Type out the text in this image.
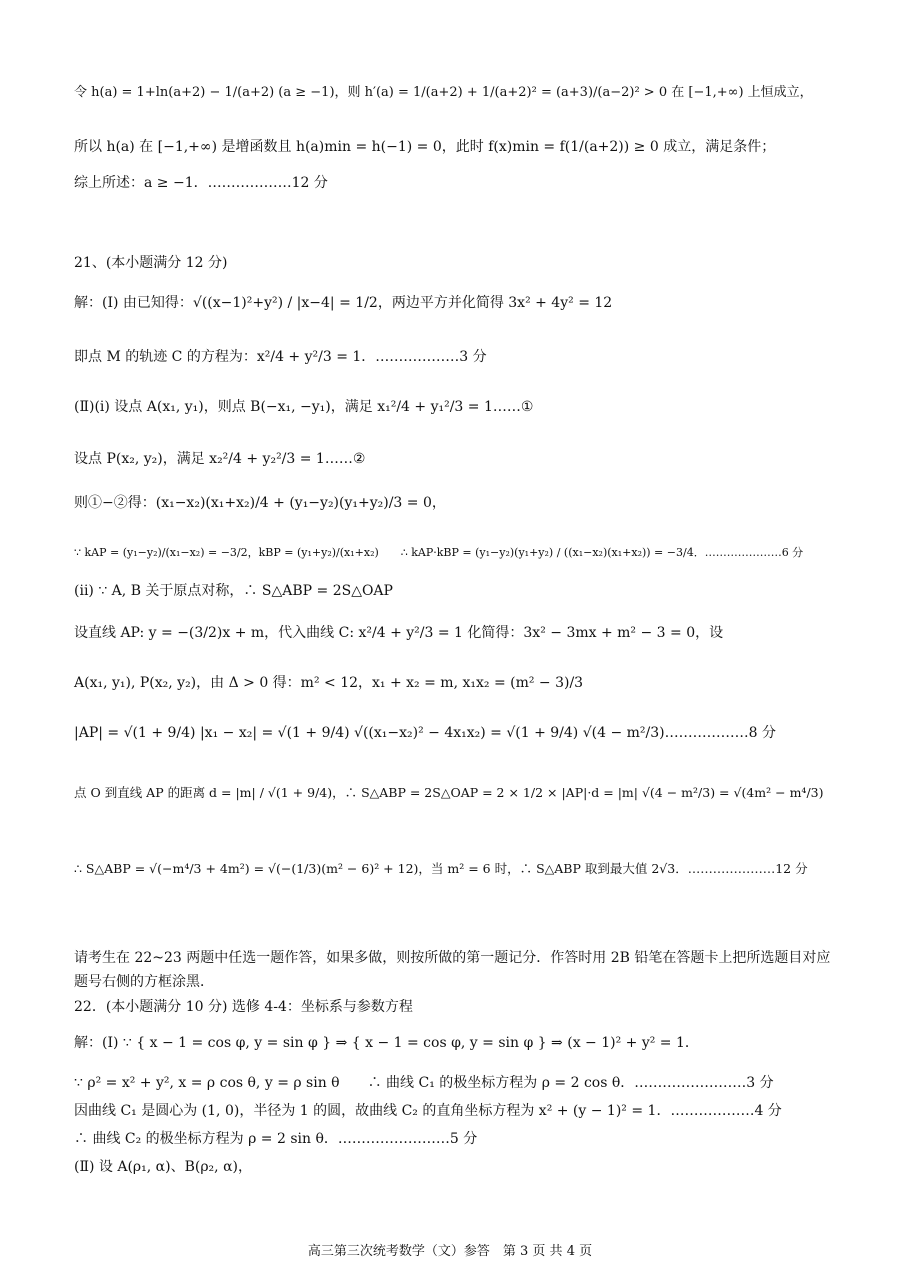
令 h(a) = 1+ln(a+2) − 1/(a+2) (a ≥ −1)，则 h′(a) = 1/(a+2) + 1/(a+2)² = (a+3)/(a−2)² > 0 在 [−1,+∞) 上恒成立，
所以 h(a) 在 [−1,+∞) 是增函数且 h(a)min = h(−1) = 0，此时 f(x)min = f(1/(a+2)) ≥ 0 成立，满足条件；
综上所述：a ≥ −1．………………12 分
21、(本小题满分 12 分)
解：(Ⅰ) 由已知得：√((x−1)²+y²) / |x−4| = 1/2，两边平方并化简得 3x² + 4y² = 12
即点 M 的轨迹 C 的方程为：x²/4 + y²/3 = 1．………………3 分
(Ⅱ)(i) 设点 A(x₁, y₁)，则点 B(−x₁, −y₁)，满足 x₁²/4 + y₁²/3 = 1……①
设点 P(x₂, y₂)，满足 x₂²/4 + y₂²/3 = 1……②
则①−②得：(x₁−x₂)(x₁+x₂)/4 + (y₁−y₂)(y₁+y₂)/3 = 0，
∵ kAP = (y₁−y₂)/(x₁−x₂) = −3/2，kBP = (y₁+y₂)/(x₁+x₂)　　∴ kAP·kBP = (y₁−y₂)(y₁+y₂) / ((x₁−x₂)(x₁+x₂)) = −3/4．…………………6 分
(ii) ∵ A, B 关于原点对称，∴ S△ABP = 2S△OAP
设直线 AP: y = −(3/2)x + m，代入曲线 C: x²/4 + y²/3 = 1 化简得：3x² − 3mx + m² − 3 = 0，设
A(x₁, y₁), P(x₂, y₂)，由 Δ > 0 得：m² < 12，x₁ + x₂ = m, x₁x₂ = (m² − 3)/3
|AP| = √(1 + 9/4) |x₁ − x₂| = √(1 + 9/4) √((x₁−x₂)² − 4x₁x₂) = √(1 + 9/4) √(4 − m²/3)………………8 分
点 O 到直线 AP 的距离 d = |m| / √(1 + 9/4)，∴ S△ABP = 2S△OAP = 2 × 1/2 × |AP|·d = |m| √(4 − m²/3) = √(4m² − m⁴/3)
∴ S△ABP = √(−m⁴/3 + 4m²) = √(−(1/3)(m² − 6)² + 12)，当 m² = 6 时，∴ S△ABP 取到最大值 2√3．…………………12 分
请考生在 22~23 两题中任选一题作答，如果多做，则按所做的第一题记分．作答时用 2B 铅笔在答题卡上把所选题目对应题号右侧的方框涂黑．
22．(本小题满分 10 分) 选修 4-4：坐标系与参数方程
解：(Ⅰ) ∵ { x − 1 = cos φ, y = sin φ } ⇒ { x − 1 = cos φ, y = sin φ } ⇒ (x − 1)² + y² = 1．
∵ ρ² = x² + y², x = ρ cos θ, y = ρ sin θ　　∴ 曲线 C₁ 的极坐标方程为 ρ = 2 cos θ．……………………3 分
因曲线 C₁ 是圆心为 (1, 0)，半径为 1 的圆，故曲线 C₂ 的直角坐标方程为 x² + (y − 1)² = 1．………………4 分
∴ 曲线 C₂ 的极坐标方程为 ρ = 2 sin θ．……………………5 分
(Ⅱ) 设 A(ρ₁, α)、B(ρ₂, α)，
高三第三次统考数学（文）参答　第 3 页 共 4 页
